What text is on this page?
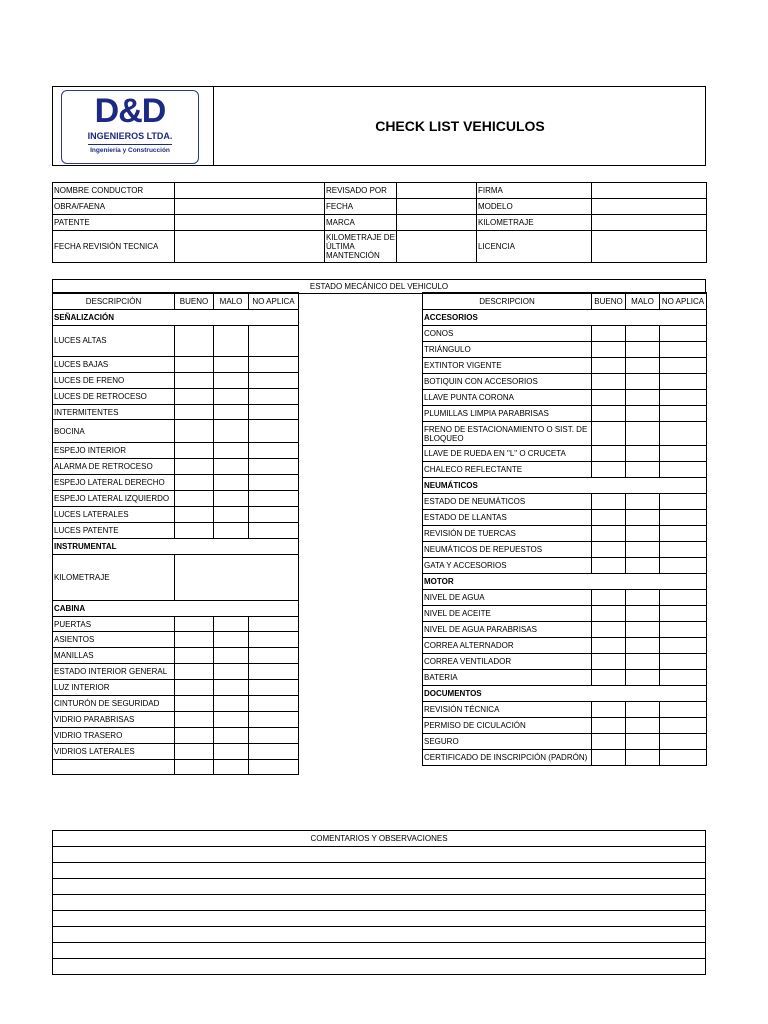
D&D
INGENIEROS LTDA.
Ingeniería y Construcción
CHECK LIST VEHICULOS
NOMBRE CONDUCTOR		REVISADO POR		FIRMA	
OBRA/FAENA		FECHA		MODELO	
PATENTE		MARCA		KILOMETRAJE	
FECHA REVISIÓN TECNICA		KILOMETRAJE DE ÚLTIMA MANTENCIÓN		LICENCIA	
ESTADO MECÁNICO DEL VEHICULO
DESCRIPCIÓN	BUENO	MALO	NO APLICA
SEÑALIZACIÓN			
LUCES ALTAS			
LUCES BAJAS			
LUCES DE FRENO			
LUCES DE RETROCESO			
INTERMITENTES			
BOCINA			
ESPEJO INTERIOR			
ALARMA DE RETROCESO			
ESPEJO LATERAL DERECHO			
ESPEJO LATERAL IZQUIERDO			
LUCES LATERALES			
LUCES PATENTE			
INSTRUMENTAL			
KILOMETRAJE			
CABINA			
PUERTAS			
ASIENTOS			
MANILLAS			
ESTADO INTERIOR GENERAL			
LUZ INTERIOR			
CINTURÓN DE SEGURIDAD			
VIDRIO PARABRISAS			
VIDRIO TRASERO			
VIDRIOS LATERALES			

DESCRIPCION	BUENO	MALO	NO APLICA
ACCESORIOS			
CONOS			
TRIÁNGULO			
EXTINTOR VIGENTE			
BOTIQUIN CON ACCESORIOS			
LLAVE PUNTA CORONA			
PLUMILLAS LIMPIA PARABRISAS			
FRENO DE ESTACIONAMIENTO O SIST. DE BLOQUEO			
LLAVE DE RUEDA EN "L" O CRUCETA			
CHALECO REFLECTANTE			
NEUMÁTICOS			
ESTADO DE NEUMÁTICOS			
ESTADO DE LLANTAS			
REVISIÓN DE TUERCAS			
NEUMÁTICOS DE REPUESTOS			
GATA Y ACCESORIOS			
MOTOR			
NIVEL DE AGUA			
NIVEL DE ACEITE			
NIVEL DE AGUA PARABRISAS			
CORREA ALTERNADOR			
CORREA VENTILADOR			
BATERIA			
DOCUMENTOS			
REVISIÓN TÉCNICA			
PERMISO DE CICULACIÓN			
SEGURO			
CERTIFICADO DE INSCRIPCIÓN (PADRÓN)			
COMENTARIOS Y OBSERVACIONES
